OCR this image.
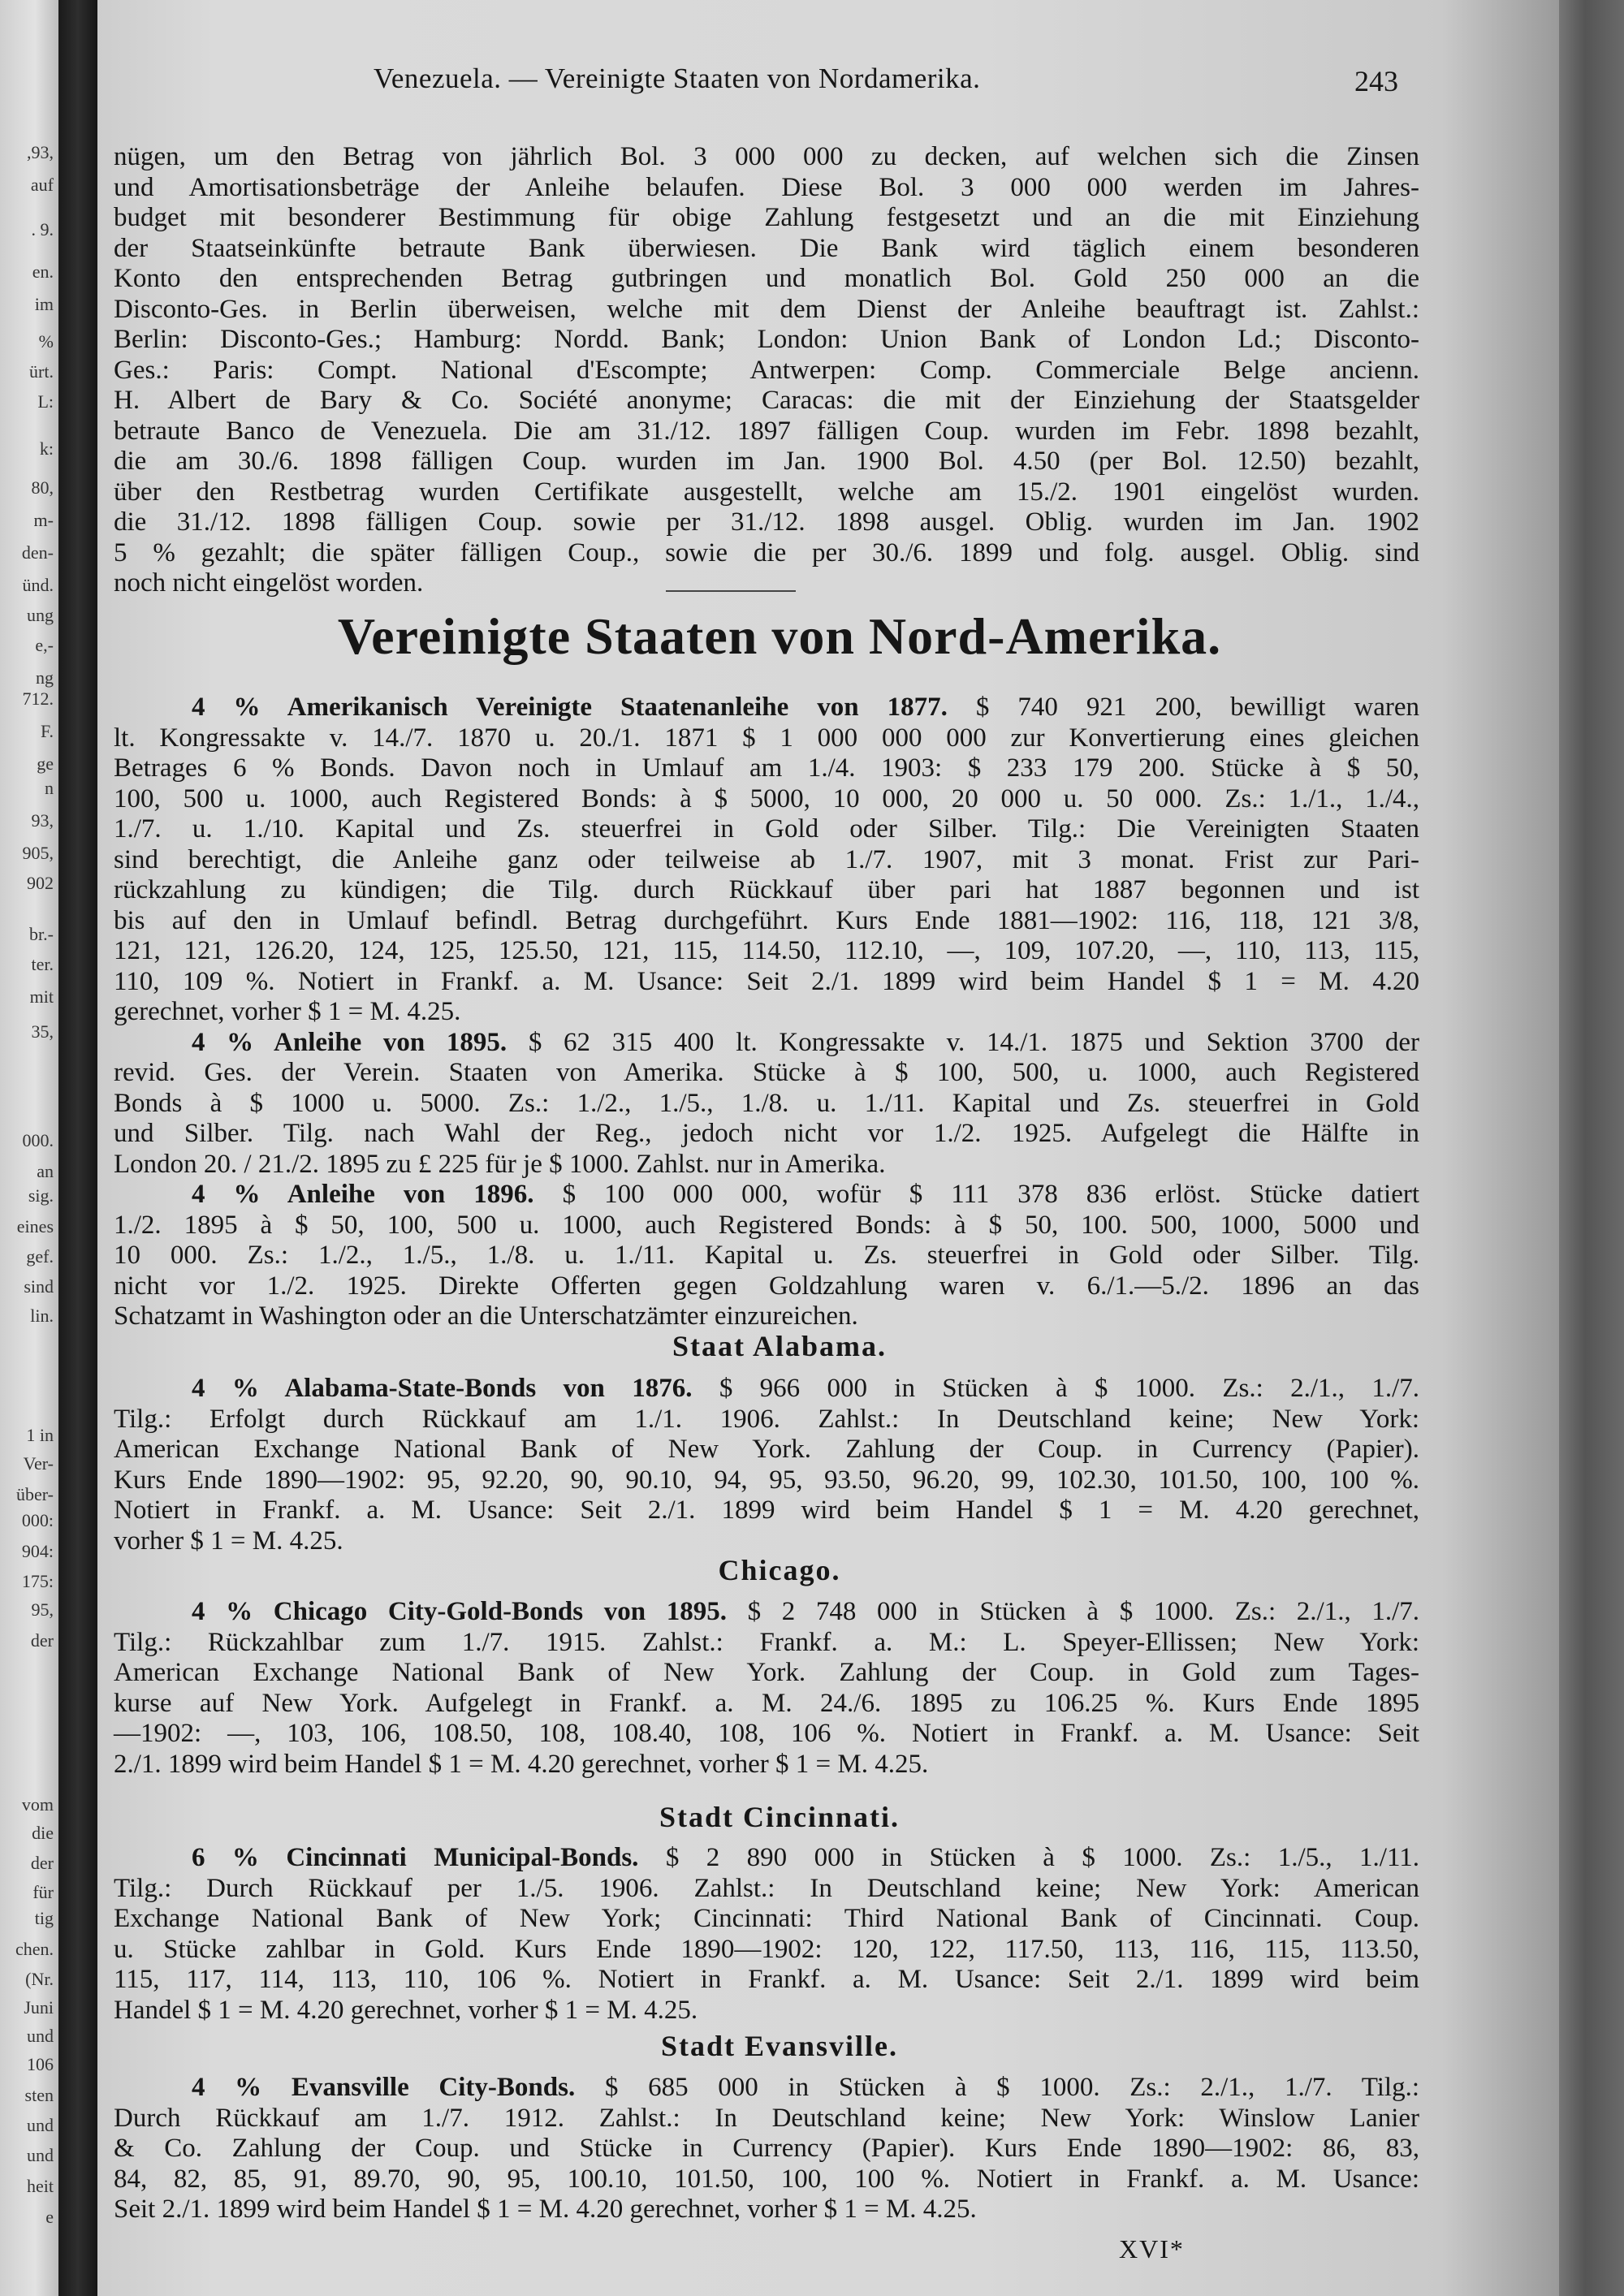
,93,
auf
. 9.
en.
im
%
ürt.
L:
k:
80,
m-
den-
ünd.
ung
e,-
ng
712.
F.
ge
n
93,
905,
902
br.-
ter.
mit
35,
000.
an
sig.
eines
gef.
sind
lin.
1 in
Ver-
über-
000:
904:
175:
95,
der
vom
die
der
für
tig
chen.
(Nr.
Juni
und
106
sten
und
und
heit
e
Venezuela. — Vereinigte Staaten von Nordamerika.	243
nügen, um den Betrag von jährlich Bol. 3 000 000 zu decken, auf welchen sich die Zinsen
und Amortisationsbeträge der Anleihe belaufen. Diese Bol. 3 000 000 werden im Jahres-
budget mit besonderer Bestimmung für obige Zahlung festgesetzt und an die mit Einziehung
der Staatseinkünfte betraute Bank überwiesen. Die Bank wird täglich einem besonderen
Konto den entsprechenden Betrag gutbringen und monatlich Bol. Gold 250 000 an die
Disconto-Ges. in Berlin überweisen, welche mit dem Dienst der Anleihe beauftragt ist. Zahlst.:
Berlin: Disconto-Ges.; Hamburg: Nordd. Bank; London: Union Bank of London Ld.; Disconto-
Ges.: Paris: Compt. National d'Escompte; Antwerpen: Comp. Commerciale Belge ancienn.
H. Albert de Bary & Co. Société anonyme; Caracas: die mit der Einziehung der Staatsgelder
betraute Banco de Venezuela. Die am 31./12. 1897 fälligen Coup. wurden im Febr. 1898 bezahlt,
die am 30./6. 1898 fälligen Coup. wurden im Jan. 1900 Bol. 4.50 (per Bol. 12.50) bezahlt,
über den Restbetrag wurden Certifikate ausgestellt, welche am 15./2. 1901 eingelöst wurden.
die 31./12. 1898 fälligen Coup. sowie per 31./12. 1898 ausgel. Oblig. wurden im Jan. 1902
5 % gezahlt; die später fälligen Coup., sowie die per 30./6. 1899 und folg. ausgel. Oblig. sind
noch nicht eingelöst worden.
Vereinigte Staaten von Nord-Amerika.
4 % Amerikanisch Vereinigte Staatenanleihe von 1877. $ 740 921 200, bewilligt waren
lt. Kongressakte v. 14./7. 1870 u. 20./1. 1871 $ 1 000 000 000 zur Konvertierung eines gleichen
Betrages 6 % Bonds. Davon noch in Umlauf am 1./4. 1903: $ 233 179 200. Stücke à $ 50,
100, 500 u. 1000, auch Registered Bonds: à $ 5000, 10 000, 20 000 u. 50 000. Zs.: 1./1., 1./4.,
1./7. u. 1./10. Kapital und Zs. steuerfrei in Gold oder Silber. Tilg.: Die Vereinigten Staaten
sind berechtigt, die Anleihe ganz oder teilweise ab 1./7. 1907, mit 3 monat. Frist zur Pari-
rückzahlung zu kündigen; die Tilg. durch Rückkauf über pari hat 1887 begonnen und ist
bis auf den in Umlauf befindl. Betrag durchgeführt. Kurs Ende 1881—1902: 116, 118, 121 3/8,
121, 121, 126.20, 124, 125, 125.50, 121, 115, 114.50, 112.10, —, 109, 107.20, —, 110, 113, 115,
110, 109 %. Notiert in Frankf. a. M. Usance: Seit 2./1. 1899 wird beim Handel $ 1 = M. 4.20
gerechnet, vorher $ 1 = M. 4.25.
4 % Anleihe von 1895. $ 62 315 400 lt. Kongressakte v. 14./1. 1875 und Sektion 3700 der
revid. Ges. der Verein. Staaten von Amerika. Stücke à $ 100, 500, u. 1000, auch Registered
Bonds à $ 1000 u. 5000. Zs.: 1./2., 1./5., 1./8. u. 1./11. Kapital und Zs. steuerfrei in Gold
und Silber. Tilg. nach Wahl der Reg., jedoch nicht vor 1./2. 1925. Aufgelegt die Hälfte in
London 20. / 21./2. 1895 zu £ 225 für je $ 1000. Zahlst. nur in Amerika.
4 % Anleihe von 1896. $ 100 000 000, wofür $ 111 378 836 erlöst. Stücke datiert
1./2. 1895 à $ 50, 100, 500 u. 1000, auch Registered Bonds: à $ 50, 100. 500, 1000, 5000 und
10 000. Zs.: 1./2., 1./5., 1./8. u. 1./11. Kapital u. Zs. steuerfrei in Gold oder Silber. Tilg.
nicht vor 1./2. 1925. Direkte Offerten gegen Goldzahlung waren v. 6./1.—5./2. 1896 an das
Schatzamt in Washington oder an die Unterschatzämter einzureichen.
Staat Alabama.
4 % Alabama-State-Bonds von 1876. $ 966 000 in Stücken à $ 1000. Zs.: 2./1., 1./7.
Tilg.: Erfolgt durch Rückkauf am 1./1. 1906. Zahlst.: In Deutschland keine; New York:
American Exchange National Bank of New York. Zahlung der Coup. in Currency (Papier).
Kurs Ende 1890—1902: 95, 92.20, 90, 90.10, 94, 95, 93.50, 96.20, 99, 102.30, 101.50, 100, 100 %.
Notiert in Frankf. a. M. Usance: Seit 2./1. 1899 wird beim Handel $ 1 = M. 4.20 gerechnet,
vorher $ 1 = M. 4.25.
Chicago.
4 % Chicago City-Gold-Bonds von 1895. $ 2 748 000 in Stücken à $ 1000. Zs.: 2./1., 1./7.
Tilg.: Rückzahlbar zum 1./7. 1915. Zahlst.: Frankf. a. M.: L. Speyer-Ellissen; New York:
American Exchange National Bank of New York. Zahlung der Coup. in Gold zum Tages-
kurse auf New York. Aufgelegt in Frankf. a. M. 24./6. 1895 zu 106.25 %. Kurs Ende 1895
—1902: —, 103, 106, 108.50, 108, 108.40, 108, 106 %. Notiert in Frankf. a. M. Usance: Seit
2./1. 1899 wird beim Handel $ 1 = M. 4.20 gerechnet, vorher $ 1 = M. 4.25.
Stadt Cincinnati.
6 % Cincinnati Municipal-Bonds. $ 2 890 000 in Stücken à $ 1000. Zs.: 1./5., 1./11.
Tilg.: Durch Rückkauf per 1./5. 1906. Zahlst.: In Deutschland keine; New York: American
Exchange National Bank of New York; Cincinnati: Third National Bank of Cincinnati. Coup.
u. Stücke zahlbar in Gold. Kurs Ende 1890—1902: 120, 122, 117.50, 113, 116, 115, 113.50,
115, 117, 114, 113, 110, 106 %. Notiert in Frankf. a. M. Usance: Seit 2./1. 1899 wird beim
Handel $ 1 = M. 4.20 gerechnet, vorher $ 1 = M. 4.25.
Stadt Evansville.
4 % Evansville City-Bonds. $ 685 000 in Stücken à $ 1000. Zs.: 2./1., 1./7. Tilg.:
Durch Rückkauf am 1./7. 1912. Zahlst.: In Deutschland keine; New York: Winslow Lanier
& Co. Zahlung der Coup. und Stücke in Currency (Papier). Kurs Ende 1890—1902: 86, 83,
84, 82, 85, 91, 89.70, 90, 95, 100.10, 101.50, 100, 100 %. Notiert in Frankf. a. M. Usance:
Seit 2./1. 1899 wird beim Handel $ 1 = M. 4.20 gerechnet, vorher $ 1 = M. 4.25.
XVI*
